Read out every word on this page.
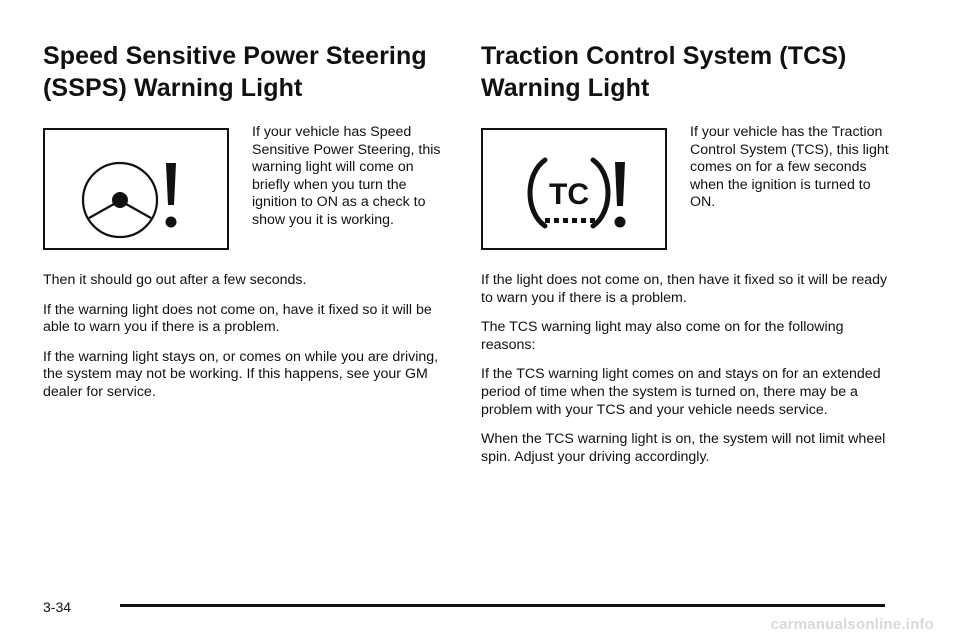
Speed Sensitive Power Steering (SSPS) Warning Light
If your vehicle has Speed Sensitive Power Steering, this warning light will come on briefly when you turn the ignition to ON as a check to show you it is working.

Then it should go out after a few seconds.

If the warning light does not come on, have it fixed so it will be able to warn you if there is a problem.

If the warning light stays on, or comes on while you are driving, the system may not be working. If this happens, see your GM dealer for service.

Traction Control System (TCS) Warning Light
TC
If your vehicle has the Traction Control System (TCS), this light comes on for a few seconds when the ignition is turned to ON.

If the light does not come on, then have it fixed so it will be ready to warn you if there is a problem.

The TCS warning light may also come on for the following reasons:

If the TCS warning light comes on and stays on for an extended period of time when the system is turned on, there may be a problem with your TCS and your vehicle needs service.

When the TCS warning light is on, the system will not limit wheel spin. Adjust your driving accordingly.

3-34
carmanualsonline.info
